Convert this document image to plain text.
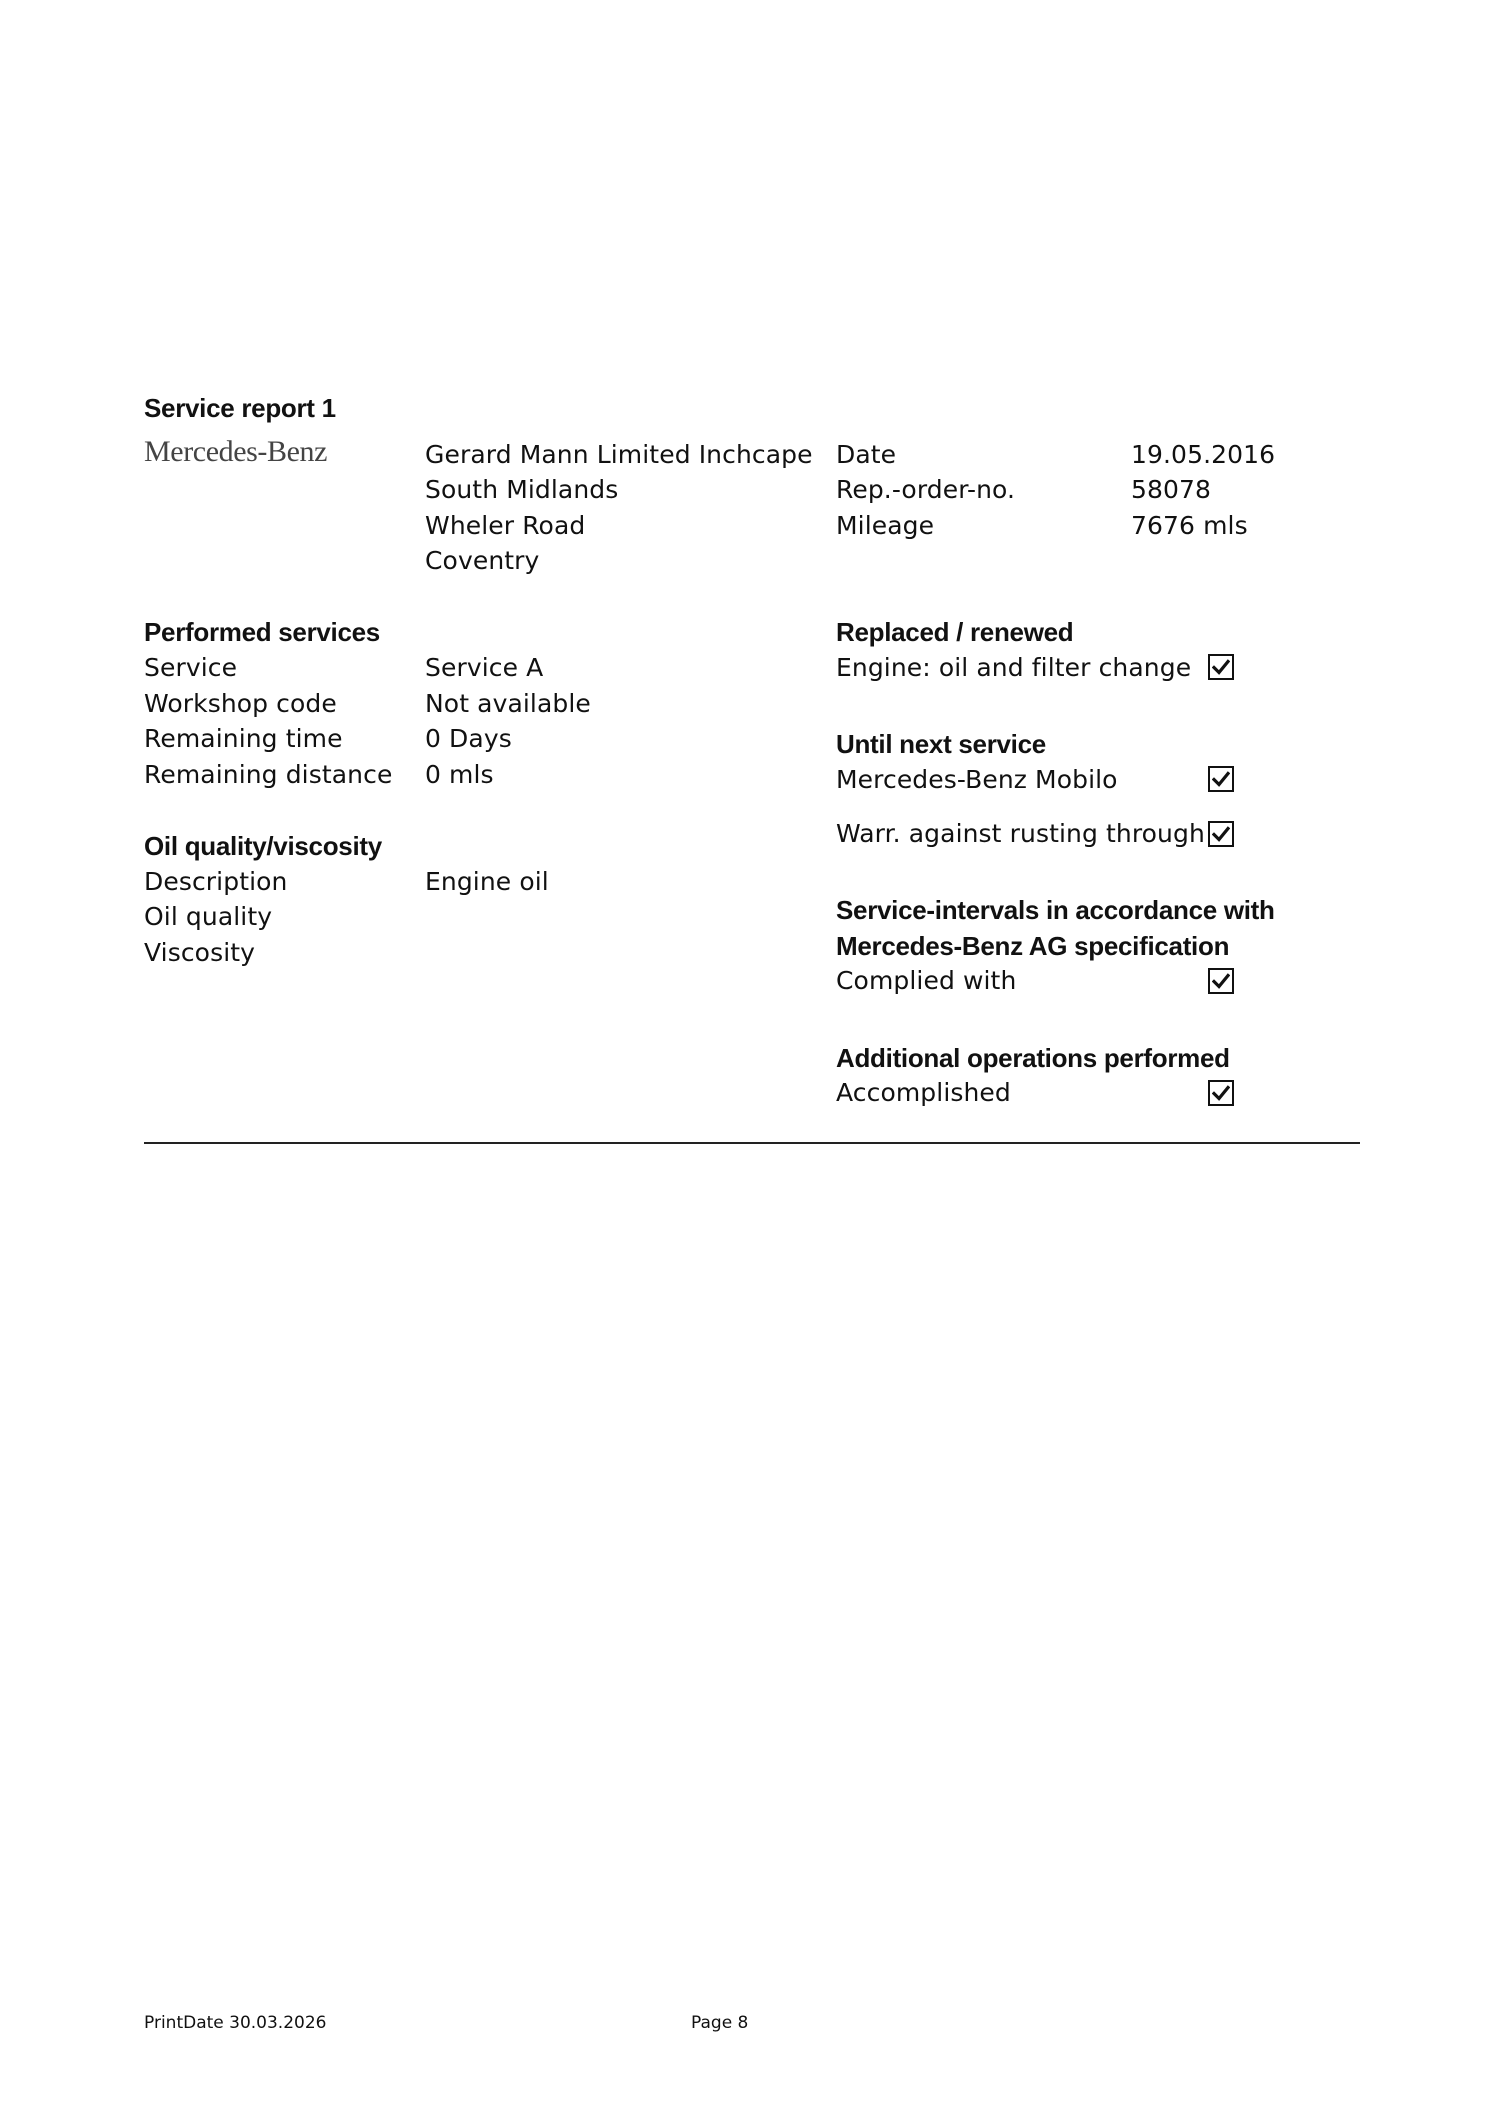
Service report 1
Mercedes-Benz	Gerard Mann Limited Inchcape
South Midlands
Wheler Road
Coventry
Date	19.05.2016
Rep.-order-no.	58078
Mileage	7676 mls
Performed services
Service	Service A
Workshop code	Not available
Remaining time	0 Days
Remaining distance 0 mls
Oil quality/viscosity
Description	Engine oil
Oil quality
Viscosity
Replaced / renewed
Engine: oil and filter change
Until next service
Mercedes-Benz Mobilo
Warr. against rusting through
Service-intervals in accordance with
Mercedes-Benz AG specification
Complied with
Additional operations performed
Accomplished
PrintDate 30.03.2026	Page 8
